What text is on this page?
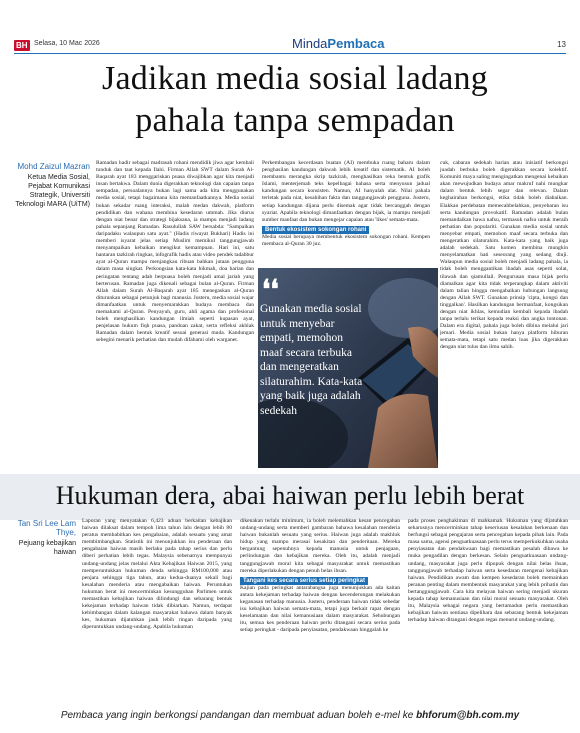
BH Selasa, 10 Mac 2026	MindaPembaca	13
Jadikan media sosial ladang pahala tanpa sempadan
Mohd Zaizul Mazran
Ketua Media Sosial, Pejabat Komunikasi Strategik, Universiti Teknologi MARA (UiTM)

Ramadan hadir sebagai madrasah rohani mendidik jiwa agar kembali tunduk dan taat kepada Ilahi. Firman Allah SWT dalam Surah Al-Baqarah ayat 183 menggariskan puasa diwajibkan agar kita menjadi insan bertakwa. Dalam dunia digerakkan teknologi dan capaian tanpa sempadan, persoalannya bukan lagi sama ada kita menggunakan media sosial, tetapi bagaimana kita memanfaatkannya. Media sosial bukan sekadar ruang interaksi, malah medan dakwah, platform pendidikan dan wahana membina kesedaran ummah. Jika diurus dengan niat benar dan strategi bijaksana, ia mampu menjadi ladang pahala sepanjang Ramadan. Rasulullah SAW bersabda: "Sampaikan daripadaku walaupun satu ayat." (Hadis riwayat Bukhari) Hadis ini memberi isyarat jelas setiap Muslim memikul tanggungjawab menyampaikan kebaikan mengikut kemampuan. Hari ini, satu hantaran tazkirah ringkas, infografik hadis atau video pendek tadabbur ayat al-Quran mampu menjangkau ribuan bahkan jutaan pengguna dalam masa singkat. Perkongsian kata-kata hikmah, doa harian dan peringatan tentang adab berpuasa boleh menjadi amal jariah yang berterusan. Ramadan juga dikenali sebagai bulan al-Quran. Firman Allah dalam Surah Al-Baqarah ayat 185 menegaskan al-Quran diturunkan sebagai petunjuk bagi manusia. Justeru, media sosial wajar dimanfaatkan untuk menyemarakkan budaya membaca dan memahami al-Quran. Penyayuh, guru, ahli agama dan profesional boleh menghasilkan kandungan ilmiah seperti kupasan ayat, penjelasan hukum fiqh puasa, panduan zakat, serta refleksi akhlak Ramadan dalam bentuk kreatif sesuai generasi muda. Kandungan sebegini menarik perhatian dan mudah difahami oleh warganet.

Perkembangan kecerdasan buatan (AI) membuka ruang baharu dalam penghasilan kandungan dakwah lebih kreatif dan sistematik. AI boleh membantu merangka skrip tazkirah, menghasilkan reka bentuk grafik Islami, menterjemah teks kepelbagai bahasa serta menyusun jadual kandungan secara konsisten. Namun, AI hanyalah alat. Nilai pahala terletak pada niat, kesahihan fakta dan tanggungjawab pengguna. Justeru, setiap kandungan dijana perlu disemak agar tidak bercanggah dengan syariat. Apabila teknologi dimanfaatkan dengan bijak, ia mampu menjadi sumber manfaat dan bukan mengejar capaian atau 'likes' semata-mata.

Bentuk ekosistem sokongan rohani

Media sosial berupaya membentuk ekosistem sokongan rohani. Kempen membaca al-Quran 30 juz.

❛❛
Gunakan media sosial untuk menyebar empati, memohon maaf secara terbuka dan mengeratkan silaturahim. Kata-kata yang baik juga adalah sedekah

cuk, cabaran sedekah harian atau inisiatif berkongsi juadah berbuka boleh digerakkan secara kolektif. Komuniti maya saling mengingatkan mengenai kebaikan akan mewujudkan budaya amar makruf nahi mungkar dalam bentuk lebih segar dan relevan. Dalam keghairahan berkongsi, etika tidak boleh diabaikan. Elakkan perdebatan memecahbelahkan, penyebaran isu serta kandungan provokatif. Ramadan adalah bulan memandaikan hawa nafsu, termasuk nafsu untuk meraih perhatian dan populariti. Gunakan media sosial untuk menyebar empati, memohon maaf secara terbuka dan mengeratkan silaturahim. Kata-kata yang baik juga adalah sedekah. Satu komen membina mungkin menyelamatkan hati seseorang yang sedang diuji. Walaupun media sosial boleh menjadi ladang pahala, ia tidak boleh menggantikan ibadah asas seperti solat, tilawah dan qiamullail. Pengurusan masa bijak perlu diamalkan agar kita tidak terperangkap dalam aktiviti dalam talian hingga mengabaikan hubungan langsung dengan Allah SWT. Gunakan prinsip 'cipta, kongsi dan tinggalkan'. Hasilkan kandungan bermanfaat, kongsikan dengan niat ikhlas, kemudian kembali kepada ibadah tanpa terlalu terikat kepada reaksi dan angka tontonan. Dalam era digital, pahala juga boleh dibina melalui jari jemari. Media sosial bukan hanya platform hiburan semata-mata, tetapi satu medan luas jika digerakkan dengan niat tulus dan ilmu sahih.

Hukuman dera, abai haiwan perlu lebih berat
Tan Sri Lee Lam Thye,
Pejuang kebajikan haiwan

Laporan yang menyatakan 6,423 aduan berkaitan kebajikan haiwan dilaksat dalam tempoh lima tahun lalu dengan lebih 80 peratus membabitkan kes pengabaian, adalah sesuatu yang amat membimbangkan. Statistik ini menunjukkan isu penderaan dan pengabaian haiwan masih berlaku pada tahap serius dan perlu diberi perhatian lebih tegas. Malaysia sebenarnya mempunyai undang-undang jelas melalui Akta Kebajikan Haiwan 2015, yang memperuntukkan hukuman denda sehingga RM100,000 atau penjara sehingga tiga tahun, atau kedua-duanya sekali bagi kesalahan menderia atau mengabaikan haiwan. Peruntukan hukuman berat ini mencerminkan kesungguhan Parlimen untuk memastikan kebajikan haiwan dilindungi dan sebarang bentuk kekejaman terhadap haiwan tidak dibiarkan. Namun, terdapat kebimbangan dalam kalangan masyarakat bahawa dalam banyak kes, hukuman dijatuhkan jauh lebih ringan daripada yang diperuntukkan undang-undang. Apabila hukuman

dikenakan terlalu minimum, ia boleh melemahkan kesan pencegahan undang-undang serta memberi gambaran bahawa kesalahan menderia haiwan bukanlah sesuatu yang serius. Haiwan juga adalah makhluk hidup yang mampu merasai kesakitan dan penderitaan. Mereka bergantung sepenuhnya kepada manusia untuk penjagaan, perlindungan dan kebajikan mereka. Oleh itu, adalah menjadi tanggungjawab moral kita sebagai masyarakat untuk memastikan mereka diperlakukan dengan penuh belas ihsan.

Tangani kes secara serius setiap peringkat

Kajian pada peringkat antarabangsa juga menunjukkan ada kaitan antara kekejaman terhadap haiwan dengan kecenderungan melakukan keganasan terhadap manusia. Justeru, penderaan haiwan tidak sebedar isu kebajikan haiwan semata-mata, tetapi juga berkait rapat dengan keselamatan dan nilai kemanusiaan dalam masyarakat. Sehubungan itu, semua kes penderaan haiwan perlu ditangani secara serius pada setiap peringkat - daripada penyiasatan, pendakwaan hinggalah ke

pada proses penghakiman di mahkamah. Hukuman yang dijatuhkan seharusnya mencerminkan tahap keseriusan kesalahan berkenaan dan berfungsi sebagai pengajaran serta pencegahan kepada pihak lain. Pada masa sama, agensi penguatkuasaan perlu terus memperkukuhkan usaha penyiasatan dan pendakwaan bagi memastikan pesalah dibawa ke muka pengadilan dengan berkesan. Selain penguatkuasaan undang-undang, masyarakat juga perlu dipupuk dengan nilai belas ihsan, tanggungjawab terhadap haiwan serta kesedaran mengenai kebajikan haiwan. Pendidikan awam dan kempen kesedaran boleh memainkan peranan penting dalam membentuk masyarakat yang lebih prihatin dan bertanggungjawab. Cara kita melayan haiwan sering menjadi ukuran kepada tahap kemanusiaan dan nilai moral sesuatu masyarakat. Oleh itu, Malaysia sebagai negara yang bertamadun perlu memastikan kebajikan haiwan sentiasa dipelihara dan sebarang bentuk kekejaman terhadap haiwan ditangani dengan tegas menurut undang-undang.

Pembaca yang ingin berkongsi pandangan dan membuat aduan boleh e-mel ke bhforum@bh.com.my
